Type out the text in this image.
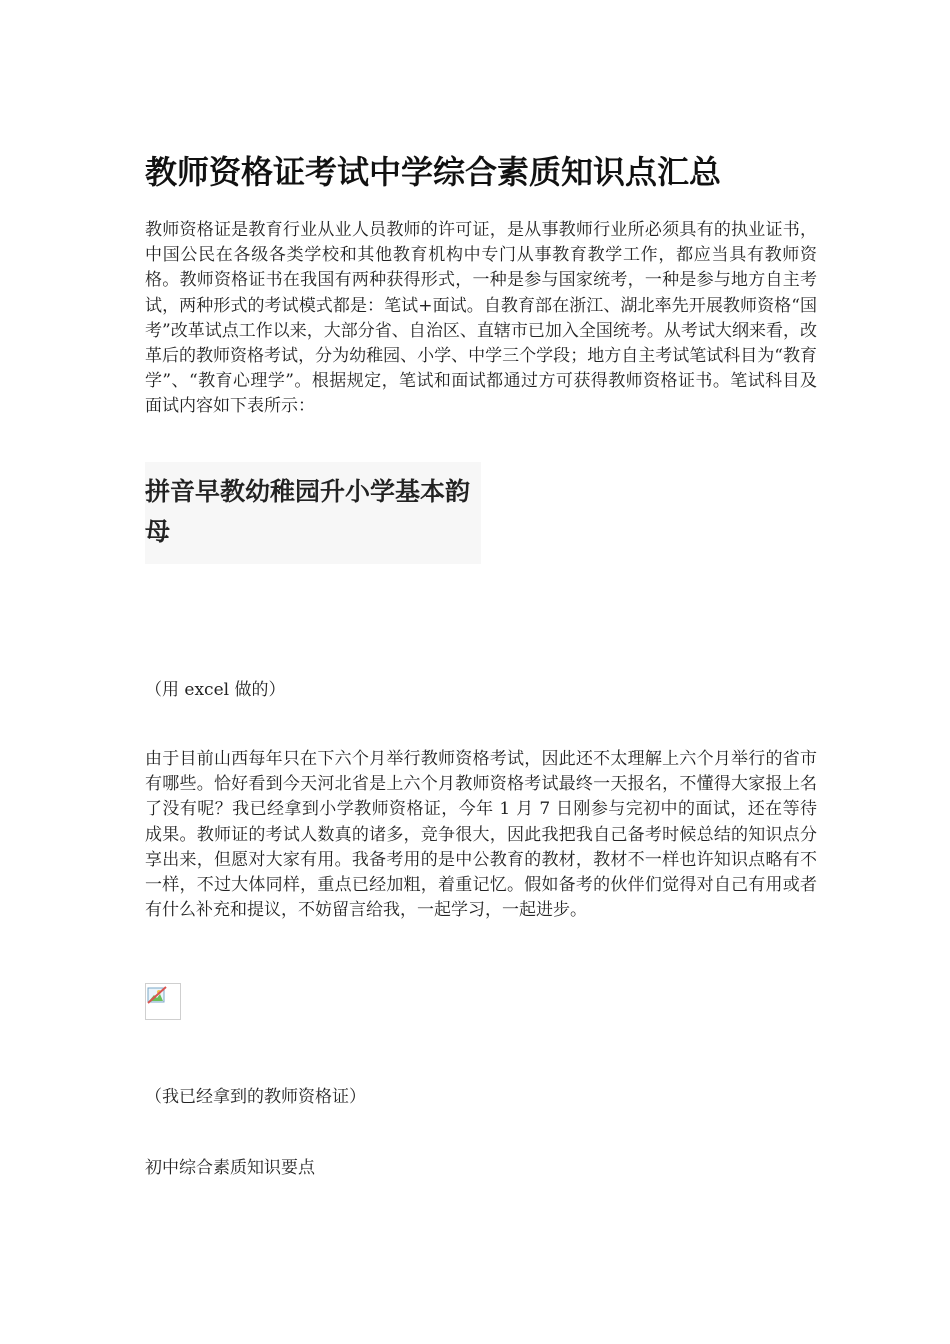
教师资格证考试中学综合素质知识点汇总

教师资格证是教育行业从业人员教师的许可证，是从事教师行业所必须具有的执业证书，中国公民在各级各类学校和其他教育机构中专门从事教育教学工作，都应当具有教师资格。教师资格证书在我国有两种获得形式，一种是参与国家统考，一种是参与地方自主考试，两种形式的考试模式都是：笔试+面试。自教育部在浙江、湖北率先开展教师资格“国考”改革试点工作以来，大部分省、自治区、直辖市已加入全国统考。从考试大纲来看，改革后的教师资格考试，分为幼稚园、小学、中学三个学段；地方自主考试笔试科目为“教育学”、“教育心理学”。根据规定，笔试和面试都通过方可获得教师资格证书。笔试科目及面试内容如下表所示：

拼音早教幼稚园升小学基本韵母

（用 excel 做的）

由于目前山西每年只在下六个月举行教师资格考试，因此还不太理解上六个月举行的省市有哪些。恰好看到今天河北省是上六个月教师资格考试最终一天报名，不懂得大家报上名了没有呢？我已经拿到小学教师资格证，今年 1 月 7 日刚参与完初中的面试，还在等待成果。教师证的考试人数真的诸多，竞争很大，因此我把我自己备考时候总结的知识点分享出来，但愿对大家有用。我备考用的是中公教育的教材，教材不一样也许知识点略有不一样，不过大体同样，重点已经加粗，着重记忆。假如备考的伙伴们觉得对自己有用或者有什么补充和提议，不妨留言给我，一起学习，一起进步。

（我已经拿到的教师资格证）

初中综合素质知识要点
